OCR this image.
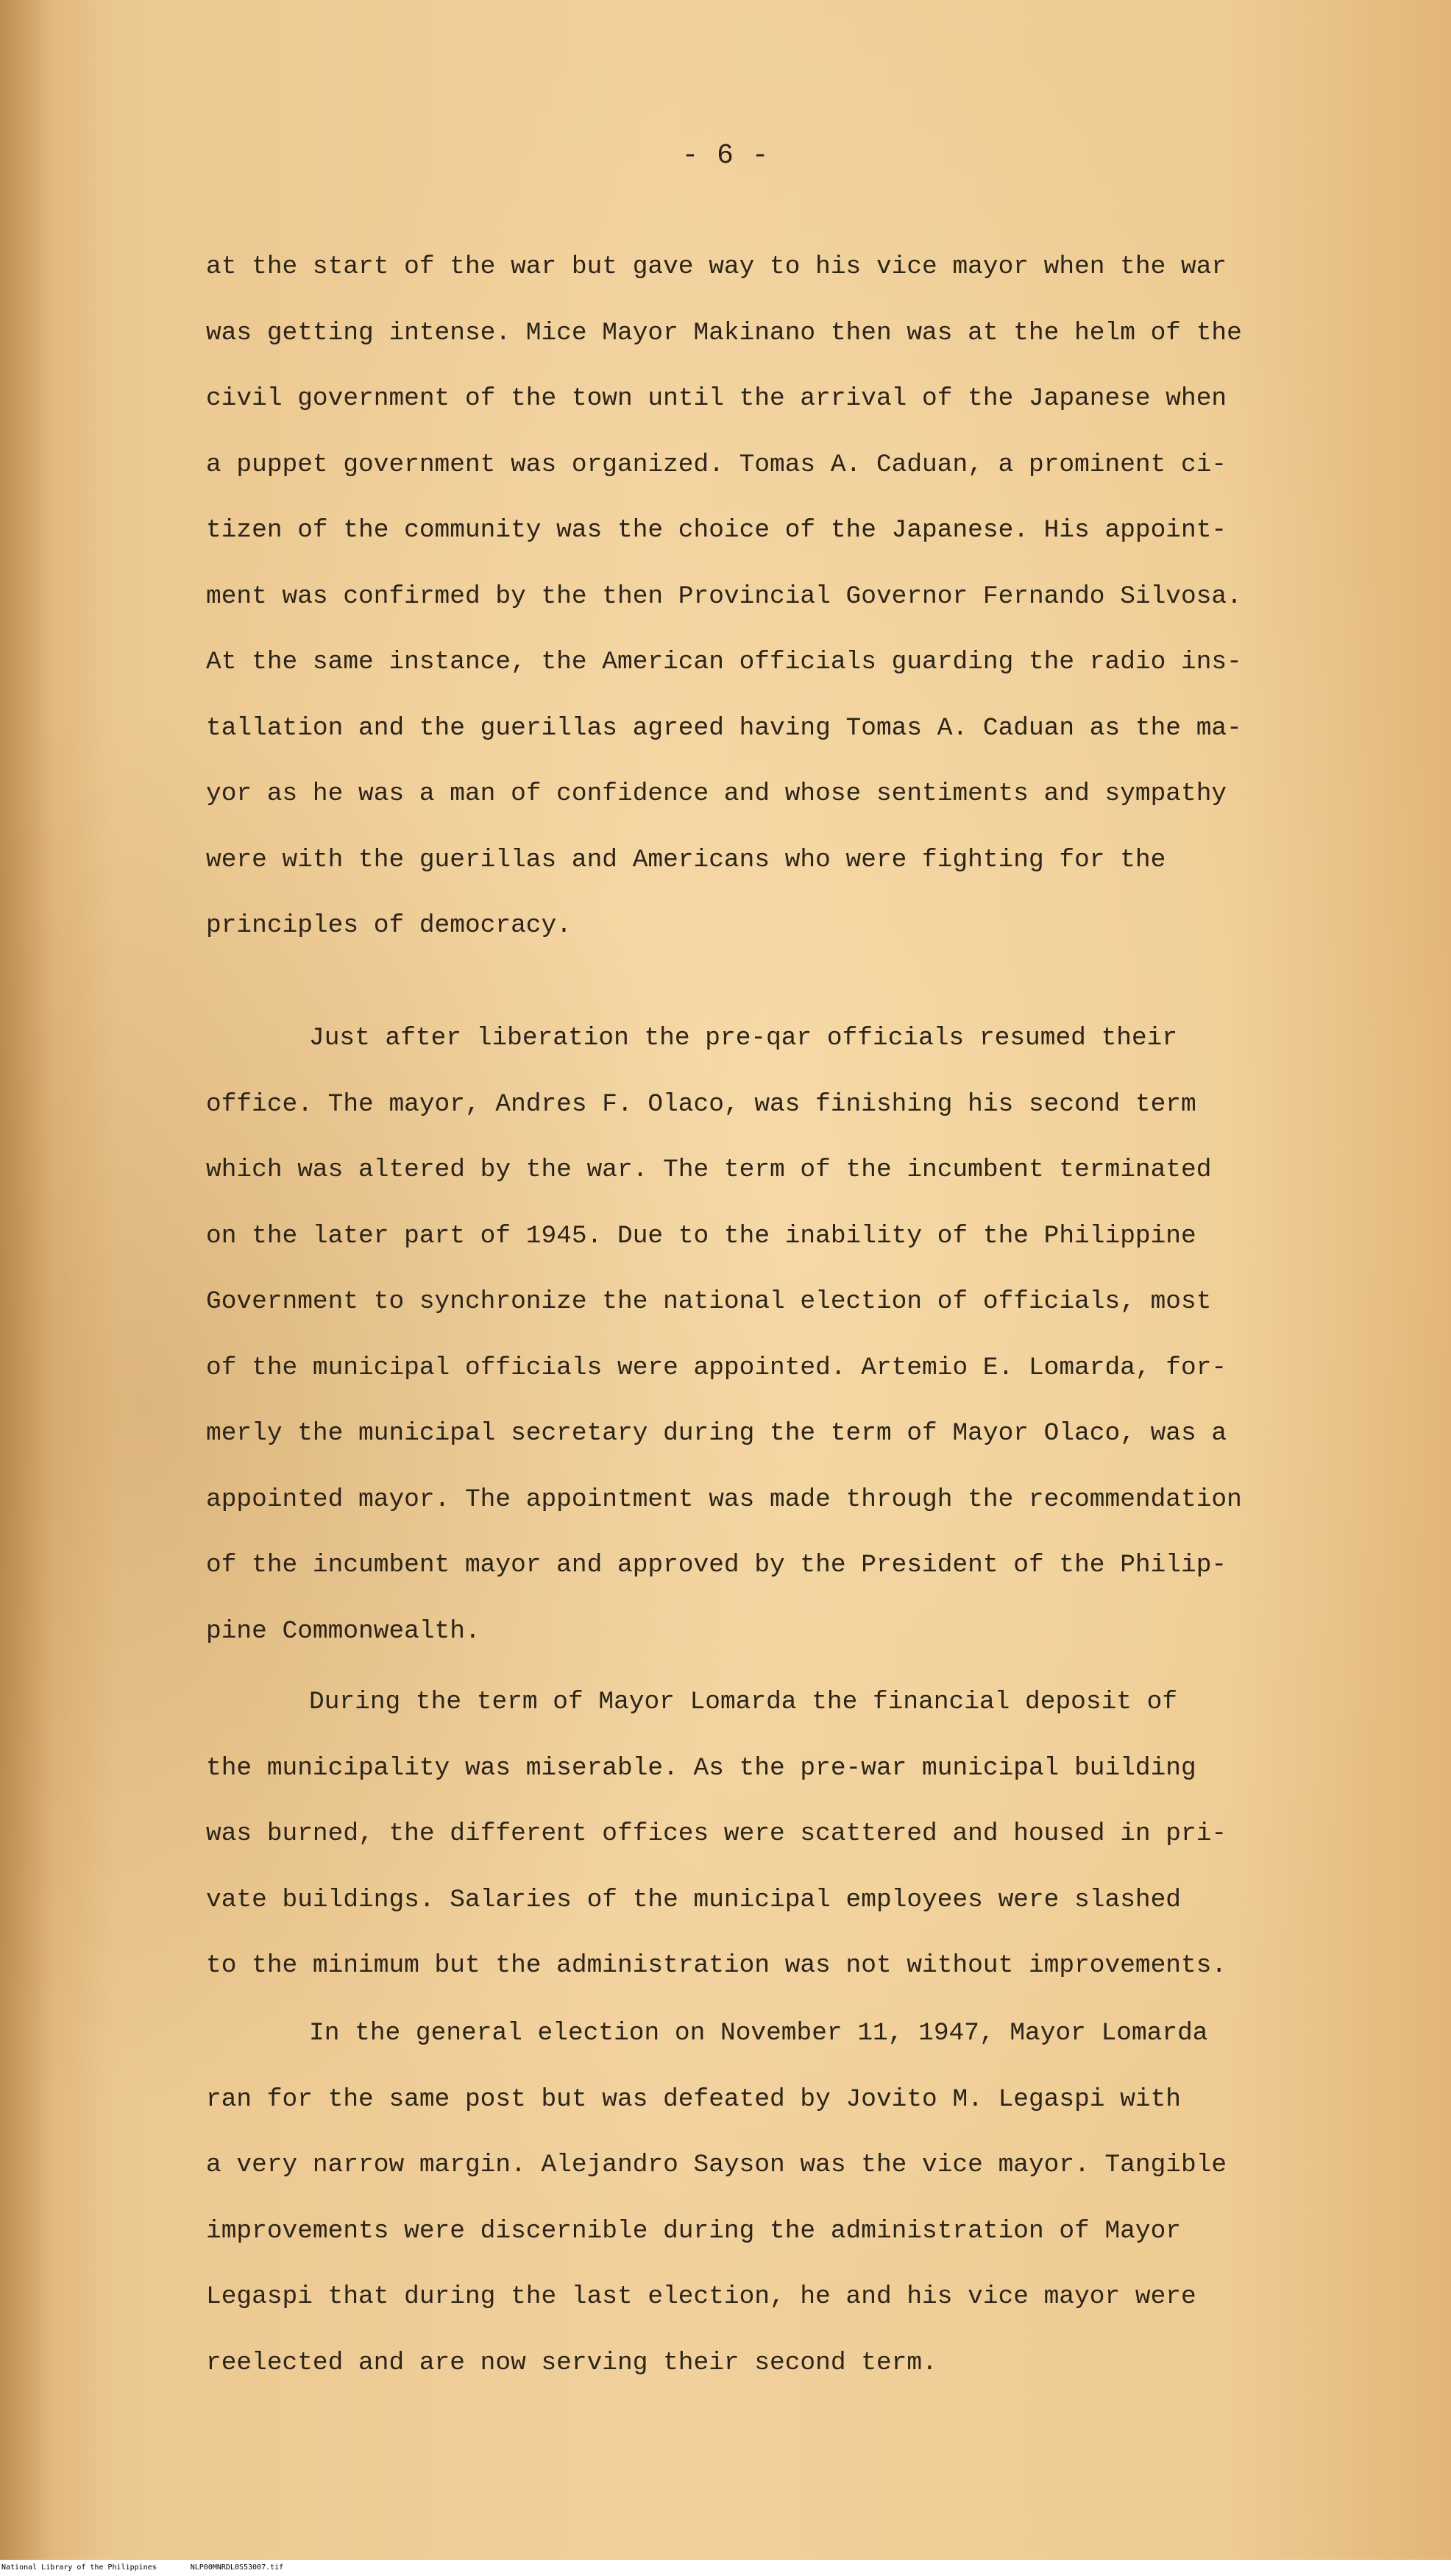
- 6 -
at the start of the war but gave way to his vice mayor when the war
was getting intense. Mice Mayor Makinano then was at the helm of the
civil government of the town until the arrival of the Japanese when
a puppet government was organized. Tomas A. Caduan, a prominent ci-
tizen of the community was the choice of the Japanese. His appoint-
ment was confirmed by the then Provincial Governor Fernando Silvosa.
At the same instance, the American officials guarding the radio ins-
tallation and the guerillas agreed having Tomas A. Caduan as the ma-
yor as he was a man of confidence and whose sentiments and sympathy
were with the guerillas and Americans who were fighting for the
principles of democracy.
Just after liberation the pre-qar officials resumed their
office. The mayor, Andres F. Olaco, was finishing his second term
which was altered by the war. The term of the incumbent terminated
on the later part of 1945. Due to the inability of the Philippine
Government to synchronize the national election of officials, most
of the municipal officials were appointed. Artemio E. Lomarda, for-
merly the municipal secretary during the term of Mayor Olaco, was a
appointed mayor. The appointment was made through the recommendation
of the incumbent mayor and approved by the President of the Philip-
pine Commonwealth.
During the term of Mayor Lomarda the financial deposit of
the municipality was miserable. As the pre-war municipal building
was burned, the different offices were scattered and housed in pri-
vate buildings. Salaries of the municipal employees were slashed
to the minimum but the administration was not without improvements.
In the general election on November 11, 1947, Mayor Lomarda
ran for the same post but was defeated by Jovito M. Legaspi with
a very narrow margin. Alejandro Sayson was the vice mayor. Tangible
improvements were discernible during the administration of Mayor
Legaspi that during the last election, he and his vice mayor were
reelected and are now serving their second term.
National Library of the Philippines	NLP00MNRDL0S53007.tif
